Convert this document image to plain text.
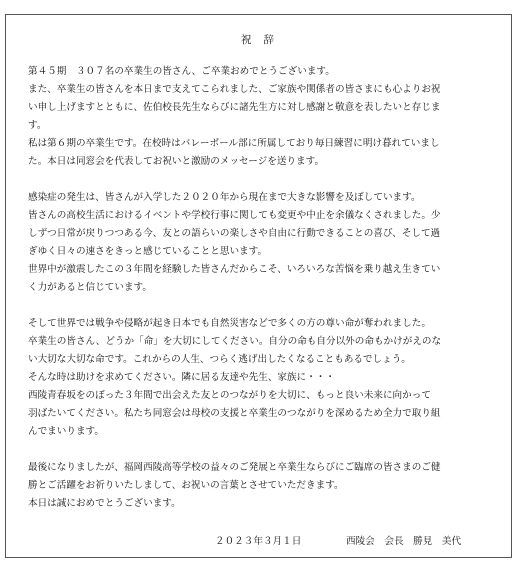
祝辞
第４５期　３０７名の卒業生の皆さん、ご卒業おめでとうございます。
また、卒業生の皆さんを本日まで支えてこられました、ご家族や関係者の皆さまにも心よりお祝
い申し上げますとともに、佐伯校長先生ならびに諸先生方に対し感謝と敬意を表したいと存じま
す。
私は第６期の卒業生です。在校時はバレーボール部に所属しており毎日練習に明け暮れていまし
た。本日は同窓会を代表してお祝いと激励のメッセージを送ります。
感染症の発生は、皆さんが入学した２０２０年から現在まで大きな影響を及ぼしています。
皆さんの高校生活におけるイベントや学校行事に関しても変更や中止を余儀なくされました。少
しずつ日常が戻りつつある今、友との語らいの楽しさや自由に行動できることの喜び、そして過
ぎゆく日々の速さをきっと感じていることと思います。
世界中が激震したこの３年間を経験した皆さんだからこそ、いろいろな苦悩を乗り越え生きてい
く力があると信じています。
そして世界では戦争や侵略が起き日本でも自然災害などで多くの方の尊い命が奪われました。
卒業生の皆さん、どうか「命」を大切にしてください。自分の命も自分以外の命もかけがえのな
い大切な大切な命です。これからの人生、つらく逃げ出したくなることもあるでしょう。
そんな時は助けを求めてください。隣に居る友達や先生、家族に・・・
西陵青春坂をのぼった３年間で出会えた友とのつながりを大切に、もっと良い未来に向かって
羽ばたいてください。私たち同窓会は母校の支援と卒業生のつながりを深めるため全力で取り組
んでまいります。
最後になりましたが、福岡西陵高等学校の益々のご発展と卒業生ならびにご臨席の皆さまのご健
勝とご活躍をお祈りいたしまして、お祝いの言葉とさせていただきます。
本日は誠におめでとうございます。
２０２３年３月１日	西陵会　会長　勝見　美代
